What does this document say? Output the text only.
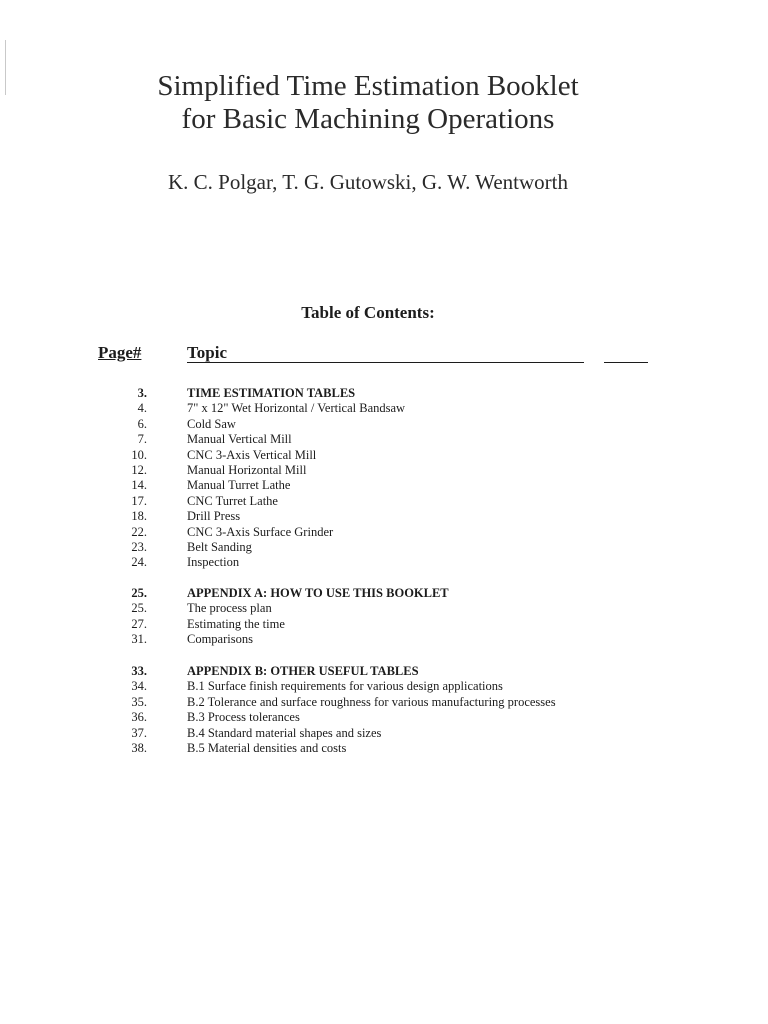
Simplified Time Estimation Booklet
for Basic Machining Operations
K. C. Polgar, T. G. Gutowski, G. W. Wentworth
Table of Contents:
Page#	Topic
3.	TIME ESTIMATION TABLES
4.	7" x 12" Wet Horizontal / Vertical Bandsaw
6.	Cold Saw
7.	Manual Vertical Mill
10.	CNC 3-Axis Vertical Mill
12.	Manual Horizontal Mill
14.	Manual Turret Lathe
17.	CNC Turret Lathe
18.	Drill Press
22.	CNC 3-Axis Surface Grinder
23.	Belt Sanding
24.	Inspection
25.	APPENDIX A: HOW TO USE THIS BOOKLET
25.	The process plan
27.	Estimating the time
31.	Comparisons
33.	APPENDIX B: OTHER USEFUL TABLES
34.	B.1 Surface finish requirements for various design applications
35.	B.2 Tolerance and surface roughness for various manufacturing processes
36.	B.3 Process tolerances
37.	B.4 Standard material shapes and sizes
38.	B.5 Material densities and costs
